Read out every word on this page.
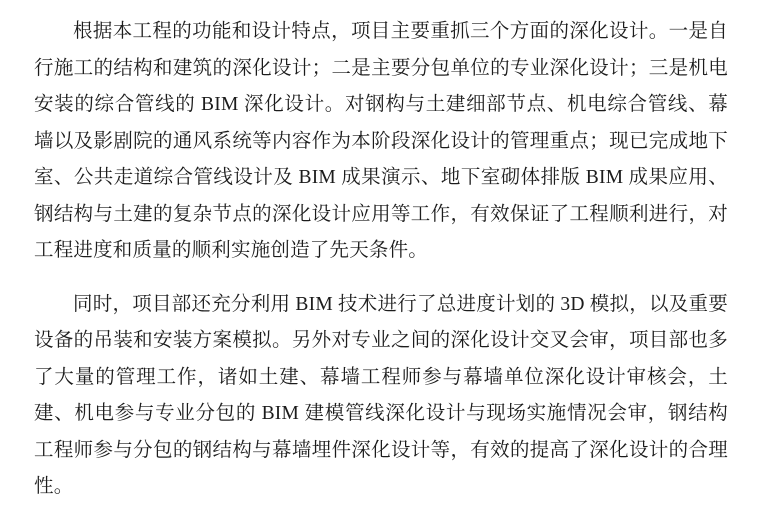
根据本工程的功能和设计特点，项目主要重抓三个方面的深化设计。一是自行施工的结构和建筑的深化设计；二是主要分包单位的专业深化设计；三是机电安装的综合管线的 BIM 深化设计。对钢构与土建细部节点、机电综合管线、幕墙以及影剧院的通风系统等内容作为本阶段深化设计的管理重点；现已完成地下室、公共走道综合管线设计及 BIM 成果演示、地下室砌体排版 BIM 成果应用、钢结构与土建的复杂节点的深化设计应用等工作，有效保证了工程顺利进行，对工程进度和质量的顺利实施创造了先天条件。

同时，项目部还充分利用 BIM 技术进行了总进度计划的 3D 模拟，以及重要设备的吊装和安装方案模拟。另外对专业之间的深化设计交叉会审，项目部也多了大量的管理工作，诸如土建、幕墙工程师参与幕墙单位深化设计审核会，土建、机电参与专业分包的 BIM 建模管线深化设计与现场实施情况会审，钢结构工程师参与分包的钢结构与幕墙埋件深化设计等，有效的提高了深化设计的合理性。
